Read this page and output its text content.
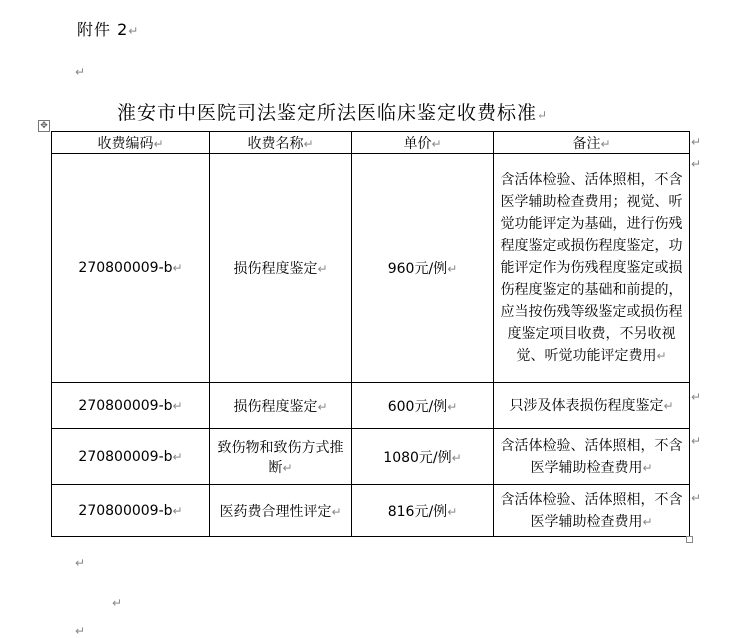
附件 2↵
↵
淮安市中医院司法鉴定所法医临床鉴定收费标准↵
✥
收费编码↵	收费名称↵	单价↵	备注↵
270800009-b↵	损伤程度鉴定↵	960元/例↵	含活体检验、活体照相，不含医学辅助检查费用；视觉、听觉功能评定为基础，进行伤残程度鉴定或损伤程度鉴定，功能评定作为伤残程度鉴定或损伤程度鉴定的基础和前提的，应当按伤残等级鉴定或损伤程度鉴定项目收费，不另收视觉、听觉功能评定费用↵
270800009-b↵	损伤程度鉴定↵	600元/例↵	只涉及体表损伤程度鉴定↵
270800009-b↵	致伤物和致伤方式推断↵	1080元/例↵	含活体检验、活体照相，不含医学辅助检查费用↵
270800009-b↵	医药费合理性评定↵	816元/例↵	含活体检验、活体照相，不含医学辅助检查费用↵
↵
↵
↵
↵
↵
↵
↵
↵
